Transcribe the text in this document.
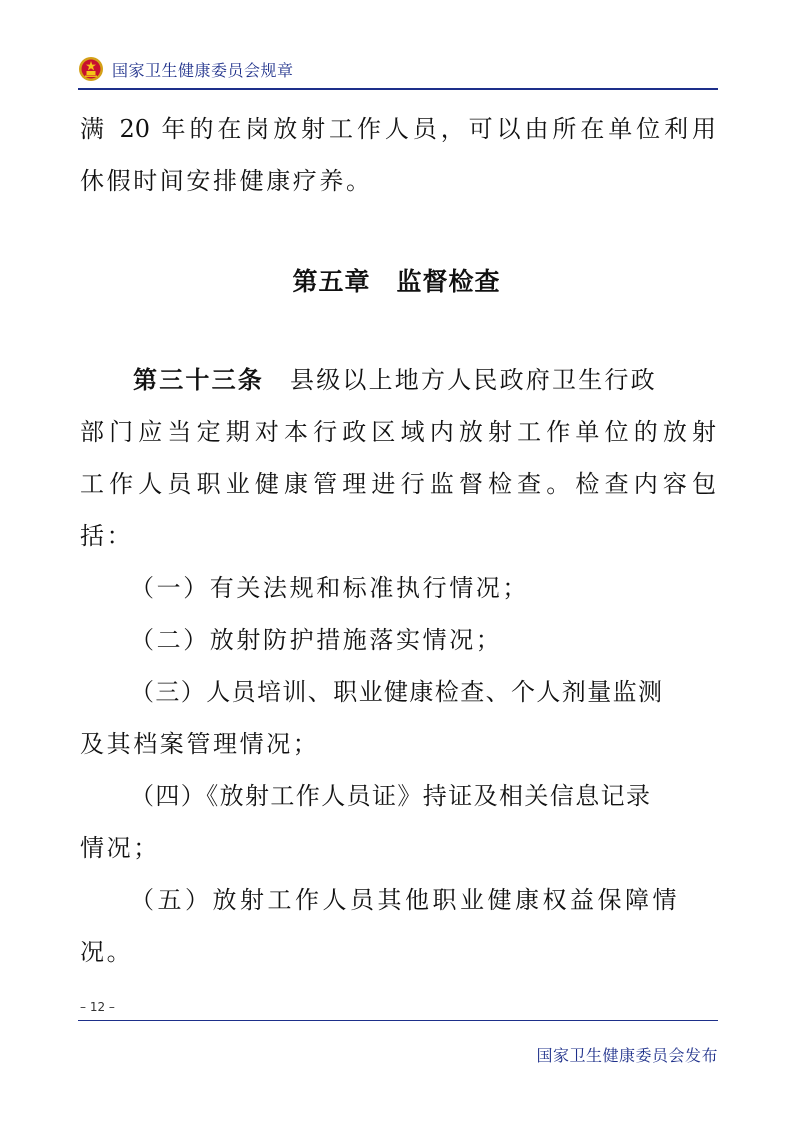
国家卫生健康委员会规章
满 20 年的在岗放射工作人员，可以由所在单位利用
休假时间安排健康疗养。
第五章　监督检查
第三十三条 县级以上地方人民政府卫生行政
部门应当定期对本行政区域内放射工作单位的放射
工作人员职业健康管理进行监督检查。检查内容包
括：
（一）有关法规和标准执行情况；
（二）放射防护措施落实情况；
（三）人员培训、职业健康检查、个人剂量监测
及其档案管理情况；
（四）《放射工作人员证》持证及相关信息记录
情况；
（五）放射工作人员其他职业健康权益保障情
况。
– 12 –
国家卫生健康委员会发布
